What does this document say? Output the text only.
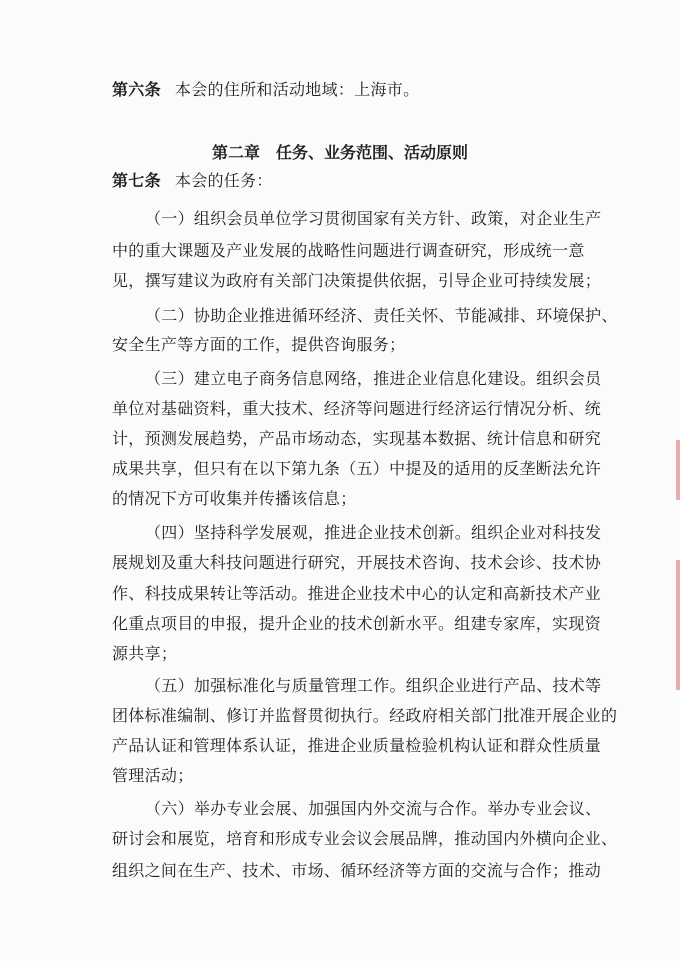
第六条 本会的住所和活动地域：上海市。
第二章 任务、业务范围、活动原则
第七条 本会的任务：
（一）组织会员单位学习贯彻国家有关方针、政策，对企业生产
中的重大课题及产业发展的战略性问题进行调查研究，形成统一意
见，撰写建议为政府有关部门决策提供依据，引导企业可持续发展；
（二）协助企业推进循环经济、责任关怀、节能减排、环境保护、
安全生产等方面的工作，提供咨询服务；
（三）建立电子商务信息网络，推进企业信息化建设。组织会员
单位对基础资料，重大技术、经济等问题进行经济运行情况分析、统
计，预测发展趋势，产品市场动态，实现基本数据、统计信息和研究
成果共享，但只有在以下第九条（五）中提及的适用的反垄断法允许
的情况下方可收集并传播该信息；
（四）坚持科学发展观，推进企业技术创新。组织企业对科技发
展规划及重大科技问题进行研究，开展技术咨询、技术会诊、技术协
作、科技成果转让等活动。推进企业技术中心的认定和高新技术产业
化重点项目的申报，提升企业的技术创新水平。组建专家库，实现资
源共享；
（五）加强标准化与质量管理工作。组织企业进行产品、技术等
团体标准编制、修订并监督贯彻执行。经政府相关部门批准开展企业的
产品认证和管理体系认证，推进企业质量检验机构认证和群众性质量
管理活动；
（六）举办专业会展、加强国内外交流与合作。举办专业会议、
研讨会和展览，培育和形成专业会议会展品牌，推动国内外横向企业、
组织之间在生产、技术、市场、循环经济等方面的交流与合作；推动
